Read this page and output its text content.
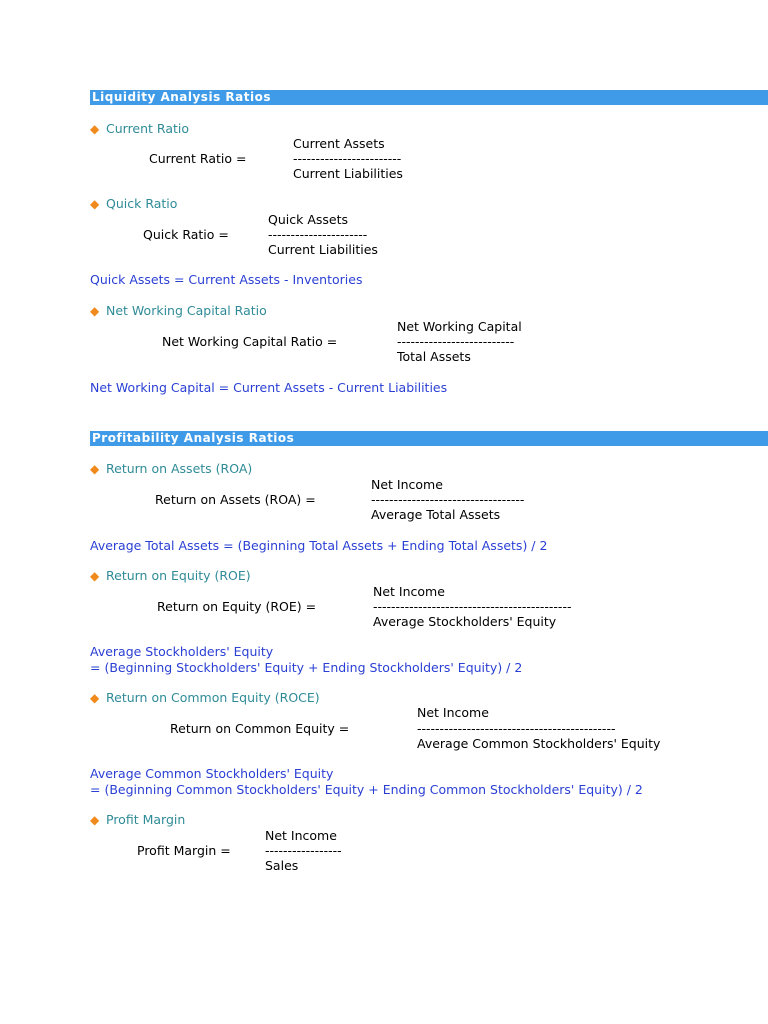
Liquidity Analysis Ratios
◆ Current Ratio
Current Assets
Current Ratio =	------------------------
Current Liabilities
◆ Quick Ratio
Quick Assets
Quick Ratio =	----------------------
Current Liabilities
Quick Assets = Current Assets - Inventories
◆ Net Working Capital Ratio
Net Working Capital
Net Working Capital Ratio =	--------------------------
Total Assets
Net Working Capital = Current Assets - Current Liabilities
Profitability Analysis Ratios
◆ Return on Assets (ROA)
Net Income
Return on Assets (ROA) =	----------------------------------
Average Total Assets
Average Total Assets = (Beginning Total Assets + Ending Total Assets) / 2
◆ Return on Equity (ROE)
Net Income
Return on Equity (ROE) =	--------------------------------------------
Average Stockholders' Equity
Average Stockholders' Equity
= (Beginning Stockholders' Equity + Ending Stockholders' Equity) / 2
◆ Return on Common Equity (ROCE)
Net Income
Return on Common Equity =	--------------------------------------------
Average Common Stockholders' Equity
Average Common Stockholders' Equity
= (Beginning Common Stockholders' Equity + Ending Common Stockholders' Equity) / 2
◆ Profit Margin
Net Income
Profit Margin =	-----------------
Sales
